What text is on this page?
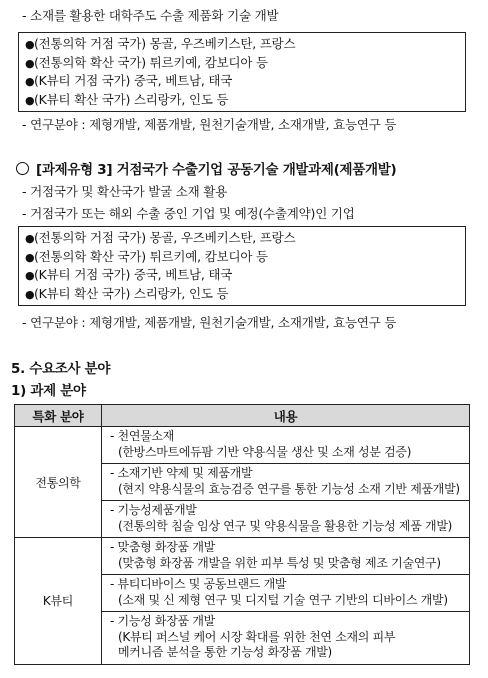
- 소재를 활용한 대학주도 수출 제품화 기술 개발
●(전통의학 거점 국가) 몽골, 우즈베키스탄, 프랑스
●(전통의학 확산 국가) 튀르키예, 캄보디아 등
●(K뷰티 거점 국가) 중국, 베트남, 태국
●(K뷰티 확산 국가) 스리랑카, 인도 등
- 연구분야 : 제형개발, 제품개발, 원천기술개발, 소재개발, 효능연구 등
[과제유형 3] 거점국가 수출기업 공동기술 개발과제(제품개발)
- 거점국가 및 확산국가 발굴 소재 활용
- 거점국가 또는 해외 수출 중인 기업 및 예정(수출계약)인 기업
●(전통의학 거점 국가) 몽골, 우즈베키스탄, 프랑스
●(전통의학 확산 국가) 튀르키예, 캄보디아 등
●(K뷰티 거점 국가) 중국, 베트남, 태국
●(K뷰티 확산 국가) 스리랑카, 인도 등
- 연구분야 : 제형개발, 제품개발, 원천기술개발, 소재개발, 효능연구 등
5. 수요조사 분야
1) 과제 분야
특화 분야	내용
전통의학	- 천연물소재
(한방스마트에듀팜 기반 약용식물 생산 및 소재 성분 검증)

	- 소재기반 약제 및 제품개발
(현지 약용식물의 효능검증 연구를 통한 기능성 소재 기반 제품개발)

	- 기능성제품개발
(전통의학 침술 임상 연구 및 약용식물을 활용한 기능성 제품 개발)

K뷰티	- 맞춤형 화장품 개발
(맞춤형 화장품 개발을 위한 피부 특성 및 맞춤형 제조 기술연구)

	- 뷰티디바이스 및 공동브랜드 개발
(소재 및 신 제형 연구 및 디지털 기술 연구 기반의 디바이스 개발)

	- 기능성 화장품 개발
(K뷰티 퍼스널 케어 시장 확대를 위한 천연 소재의 피부
메커니즘 분석을 통한 기능성 화장품 개발)
